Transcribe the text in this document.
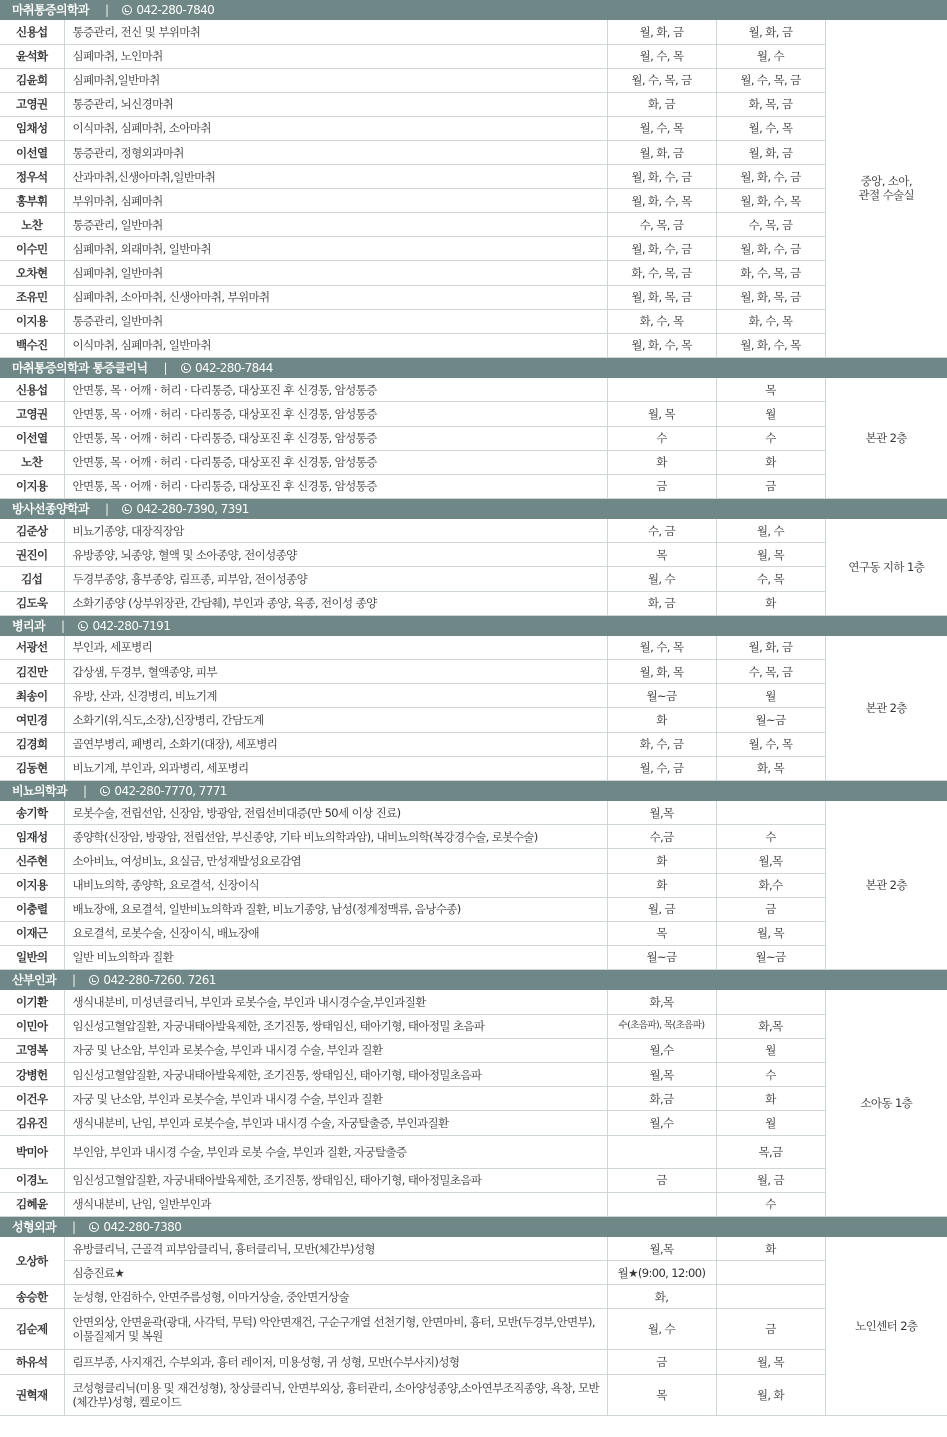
마취통증의학과 | 042-280-7840				
신용섭	통증관리, 전신 및 부위마취	월, 화, 금	월, 화, 금	중앙, 소아,
관절 수술실
윤석화	심폐마취, 노인마취	월, 수, 목	월, 수	
김윤희	심폐마취,일반마취	월, 수, 목, 금	월, 수, 목, 금	
고영권	통증관리, 뇌신경마취	화, 금	화, 목, 금	
임채성	이식마취, 심폐마취, 소아마취	월, 수, 목	월, 수, 목	
이선열	통증관리, 정형외과마취	월, 화, 금	월, 화, 금	
정우석	산과마취,신생아마취,일반마취	월, 화, 수, 금	월, 화, 수, 금	
홍부휘	부위마취, 심폐마취	월, 화, 수, 목	월, 화, 수, 목	
노찬	통증관리, 일반마취	수, 목, 금	수, 목, 금	
이수민	심폐마취, 외래마취, 일반마취	월, 화, 수, 금	월, 화, 수, 금	
오차현	심폐마취, 일반마취	화, 수, 목, 금	화, 수, 목, 금	
조유민	심폐마취, 소아마취, 신생아마취, 부위마취	월, 화, 목, 금	월, 화, 목, 금	
이지용	통증관리, 일반마취	화, 수, 목	화, 수, 목	
백수진	이식마취, 심폐마취, 일반마취	월, 화, 수, 목	월, 화, 수, 목	
마취통증의학과 통증클리닉 | 042-280-7844				
신용섭	안면통, 목 · 어깨 · 허리 · 다리통증, 대상포진 후 신경통, 암성통증		목	본관 2층
고영권	안면통, 목 · 어깨 · 허리 · 다리통증, 대상포진 후 신경통, 암성통증	월, 목	월	
이선열	안면통, 목 · 어깨 · 허리 · 다리통증, 대상포진 후 신경통, 암성통증	수	수	
노찬	안면통, 목 · 어깨 · 허리 · 다리통증, 대상포진 후 신경통, 암성통증	화	화	
이지용	안면통, 목 · 어깨 · 허리 · 다리통증, 대상포진 후 신경통, 암성통증	금	금	
방사선종양학과 | 042-280-7390, 7391				
김준상	비뇨기종양, 대장직장암	수, 금	월, 수	연구동 지하 1층
권진이	유방종양, 뇌종양, 혈액 및 소아종양, 전이성종양	목	월, 목	
김섭	두경부종양, 흉부종양, 림프종, 피부암, 전이성종양	월, 수	수, 목	
김도욱	소화기종양 (상부위장관, 간담췌), 부인과 종양, 육종, 전이성 종양	화, 금	화	
병리과 | 042-280-7191				
서광선	부인과, 세포병리	월, 수, 목	월, 화, 금	본관 2층
김진만	갑상샘, 두경부, 혈액종양, 피부	월, 화, 목	수, 목, 금	
최송이	유방, 산과, 신경병리, 비뇨기계	월~금	월	
여민경	소화기(위,식도,소장),신장병리, 간담도계	화	월~금	
김경희	골연부병리, 폐병리, 소화기(대장), 세포병리	화, 수, 금	월, 수, 목	
김동현	비뇨기계, 부인과, 외과병리, 세포병리	월, 수, 금	화, 목	
비뇨의학과 | 042-280-7770, 7771				
송기학	로봇수술, 전립선암, 신장암, 방광암, 전립선비대증(만 50세 이상 진료)	월,목		본관 2층
임재성	종양학(신장암, 방광암, 전립선암, 부신종양, 기타 비뇨의학과암), 내비뇨의학(복강경수술, 로봇수술)	수,금	수	
신주현	소아비뇨, 여성비뇨, 요실금, 만성재발성요로감염	화	월,목	
이지용	내비뇨의학, 종양학, 요로결석, 신장이식	화	화,수	
이충렬	배뇨장애, 요로결석, 일반비뇨의학과 질환, 비뇨기종양, 남성(정계정맥류, 음낭수종)	월, 금	금	
이재근	요로결석, 로봇수술, 신장이식, 배뇨장애	목	월, 목	
일반의	일반 비뇨의학과 질환	월~금	월~금	
산부인과 | 042-280-7260. 7261				
이기환	생식내분비, 미성년클리닉, 부인과 로봇수술, 부인과 내시경수술,부인과질환	화,목		소아동 1층
이민아	임신성고혈압질환, 자궁내태아발육제한, 조기진통, 쌍태임신, 태아기형, 태아정밀 초음파	수(초음파), 목(초음파)	화,목	
고영복	자궁 및 난소암, 부인과 로봇수술, 부인과 내시경 수술, 부인과 질환	월,수	월	
강병헌	임신성고혈압질환, 자궁내태아발육제한, 조기진통, 쌍태임신, 태아기형, 태아정밀초음파	월,목	수	
이건우	자궁 및 난소암, 부인과 로봇수술, 부인과 내시경 수술, 부인과 질환	화,금	화	
김유진	생식내분비, 난임, 부인과 로봇수술, 부인과 내시경 수술, 자궁탈출증, 부인과질환	월,수	월	
박미아	부인암, 부인과 내시경 수술, 부인과 로봇 수술, 부인과 질환, 자궁탈출증		목,금	
이경노	임신성고혈압질환, 자궁내태아발육제한, 조기진통, 쌍태임신, 태아기형, 태아정밀초음파	금	월, 금	
김혜윤	생식내분비, 난임, 일반부인과		수	
성형외과 | 042-280-7380				
오상하	유방클리닉, 근골격 피부암클리닉, 흉터클리닉, 모반(체간부)성형	월,목	화	노인센터 2층
	심층진료★	월★(9:00, 12:00)		
송승한	눈성형, 안검하수, 안면주름성형, 이마거상술, 중안면거상술	화,		
김순제	안면외상, 안면윤곽(광대, 사각턱, 무턱) 악안면재건, 구순구개열 선천기형, 안면마비, 흉터, 모반(두경부,안면부), 이물질제거 및 복원	월, 수	금	
하유석	림프부종, 사지재건, 수부외과, 흉터 레이저, 미용성형, 귀 성형, 모반(수부사지)성형	금	월, 목	
권혁재	코성형클리닉(미용 및 재건성형), 창상클리닉, 안면부외상, 흉터관리, 소아양성종양,소아연부조직종양, 욕창, 모반(체간부)성형, 켈로이드	목	월, 화	
